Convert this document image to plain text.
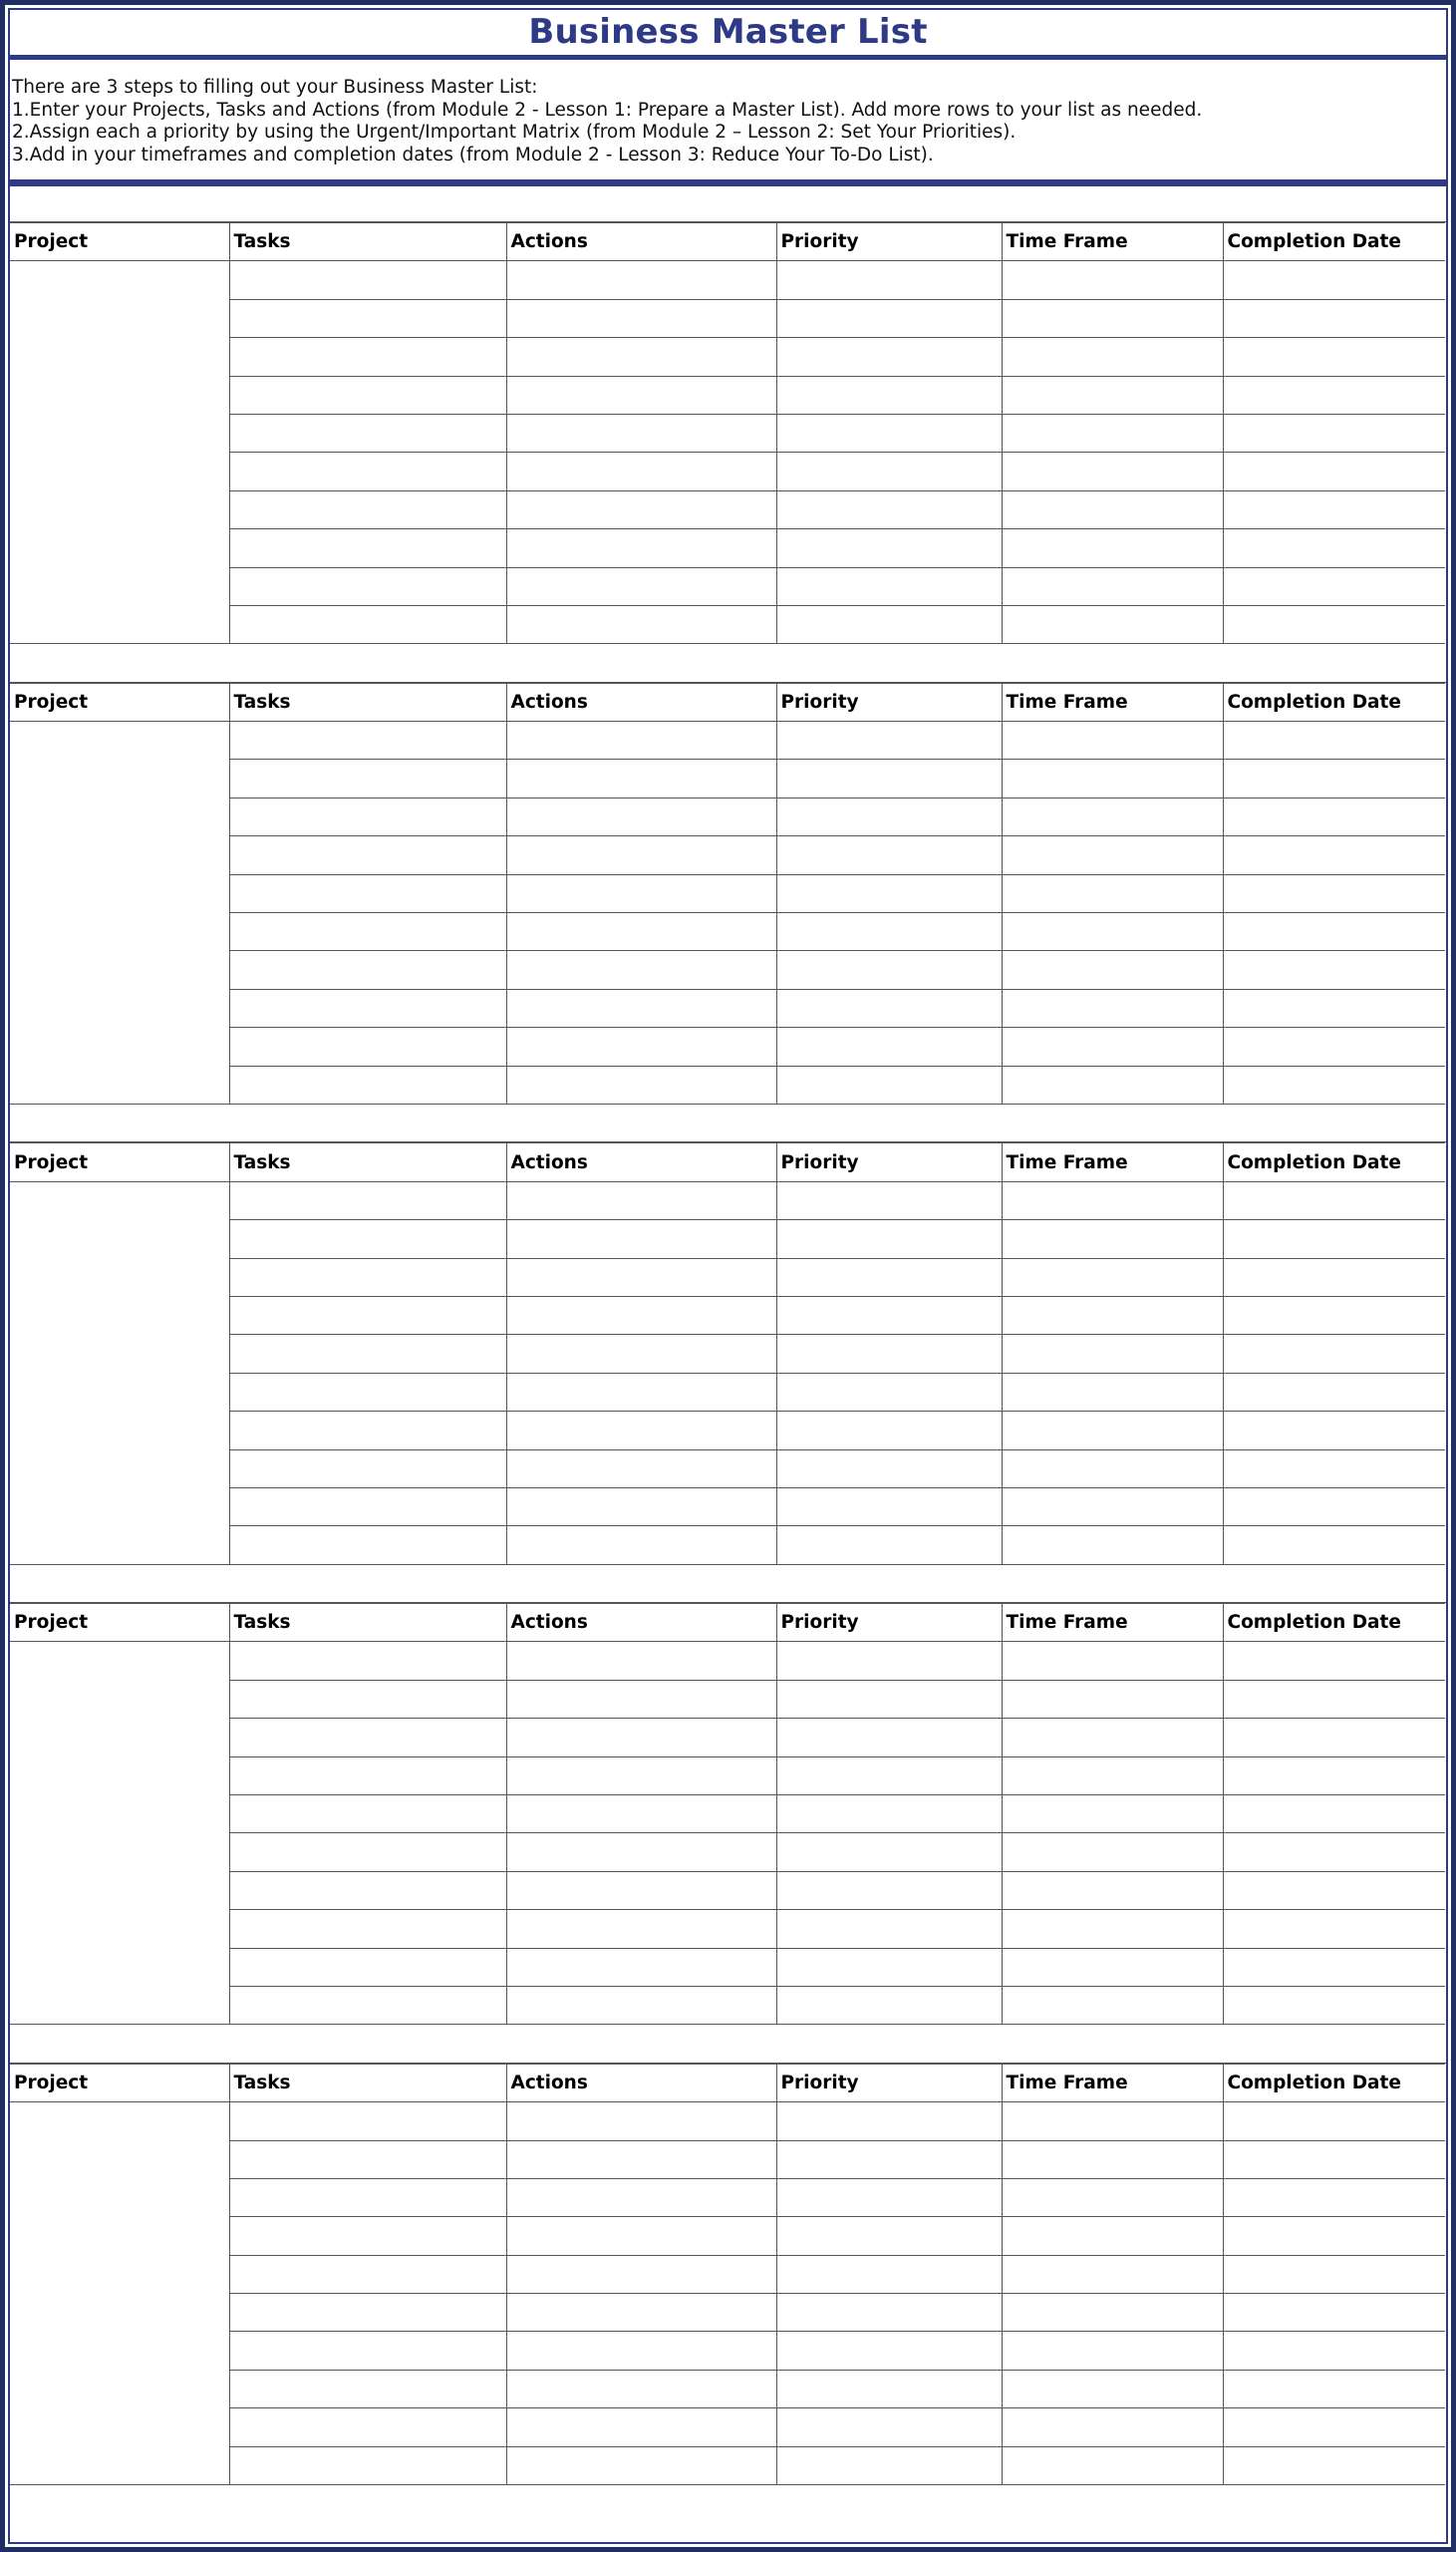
Business Master List
There are 3 steps to filling out your Business Master List:
1.Enter your Projects, Tasks and Actions (from Module 2 - Lesson 1: Prepare a Master List). Add more rows to your list as needed.
2.Assign each a priority by using the Urgent/Important Matrix (from Module 2 – Lesson 2: Set Your Priorities).
3.Add in your timeframes and completion dates (from Module 2 - Lesson 3: Reduce Your To-Do List).
Project	Tasks	Actions	Priority	Time Frame	Completion Date

Project	Tasks	Actions	Priority	Time Frame	Completion Date

Project	Tasks	Actions	Priority	Time Frame	Completion Date

Project	Tasks	Actions	Priority	Time Frame	Completion Date

Project	Tasks	Actions	Priority	Time Frame	Completion Date
